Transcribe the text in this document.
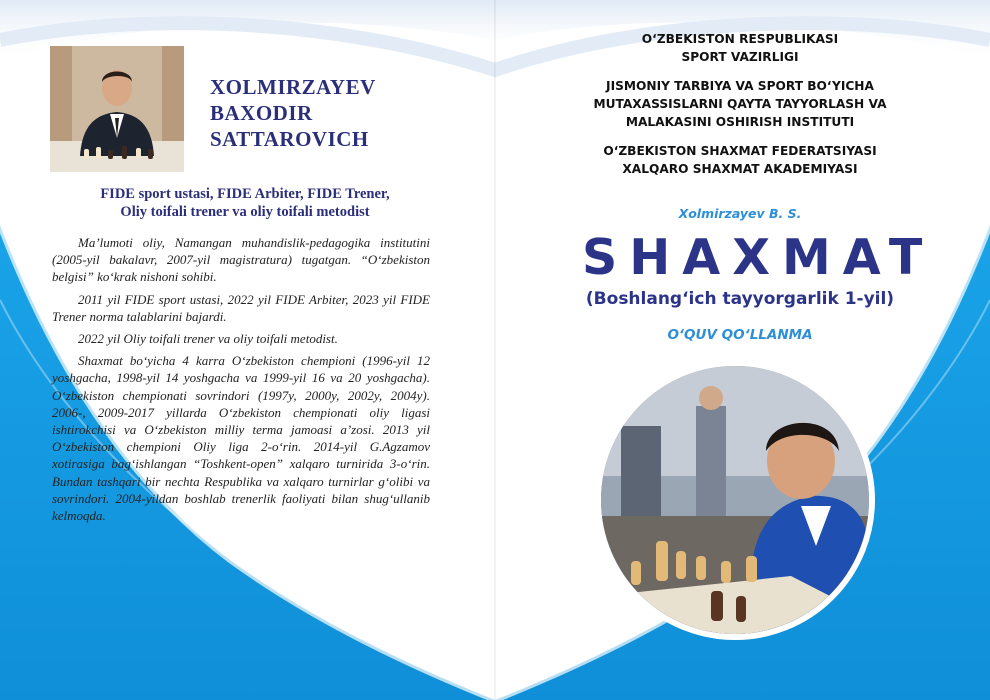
XOLMIRZAYEV
BAXODIR
SATTAROVICH
FIDE sport ustasi, FIDE Arbiter, FIDE Trener,
Oliy toifali trener va oliy toifali metodist

Ma’lumoti oliy, Namangan muhandislik-pedagogika institutini (2005-yil bakalavr, 2007-yil magistratura) tugatgan. “O‘zbekiston belgisi” ko‘krak nishoni sohibi.

2011 yil FIDE sport ustasi, 2022 yil FIDE Arbiter, 2023 yil FIDE Trener norma talablarini bajardi.

2022 yil Oliy toifali trener va oliy toifali metodist.

Shaxmat bo‘yicha 4 karra O‘zbekiston chempioni (1996-yil 12 yoshgacha, 1998-yil 14 yoshgacha va 1999-yil 16 va 20 yoshgacha). O‘zbekiston chempionati sovrindori (1997y, 2000y, 2002y, 2004y). 2006-, 2009-2017 yillarda O‘zbekiston chempionati oliy ligasi ishtirokchisi va O‘zbekiston milliy terma jamoasi a’zosi. 2013 yil O‘zbekiston chempioni Oliy liga 2-o‘rin. 2014-yil G.Agzamov xotirasiga bag‘ishlangan “Toshkent-open” xalqaro turnirida 3-o‘rin. Bundan tashqari bir nechta Respublika va xalqaro turnirlar g‘olibi va sovrindori. 2004-yildan boshlab trenerlik faoliyati bilan shug‘ullanib kelmoqda.

O‘ZBEKISTON RESPUBLIKASI
SPORT VAZIRLIGI
JISMONIY TARBIYA VA SPORT BO‘YICHA
MUTAXASSISLARNI QAYTA TAYYORLASH VA
MALAKASINI OSHIRISH INSTITUTI
O‘ZBEKISTON SHAXMAT FEDERATSIYASI
XALQARO SHAXMAT AKADEMIYASI
Xolmirzayev B. S.
SHAXMAT
(Boshlang‘ich tayyorgarlik 1-yil)
O‘QUV QO‘LLANMA
